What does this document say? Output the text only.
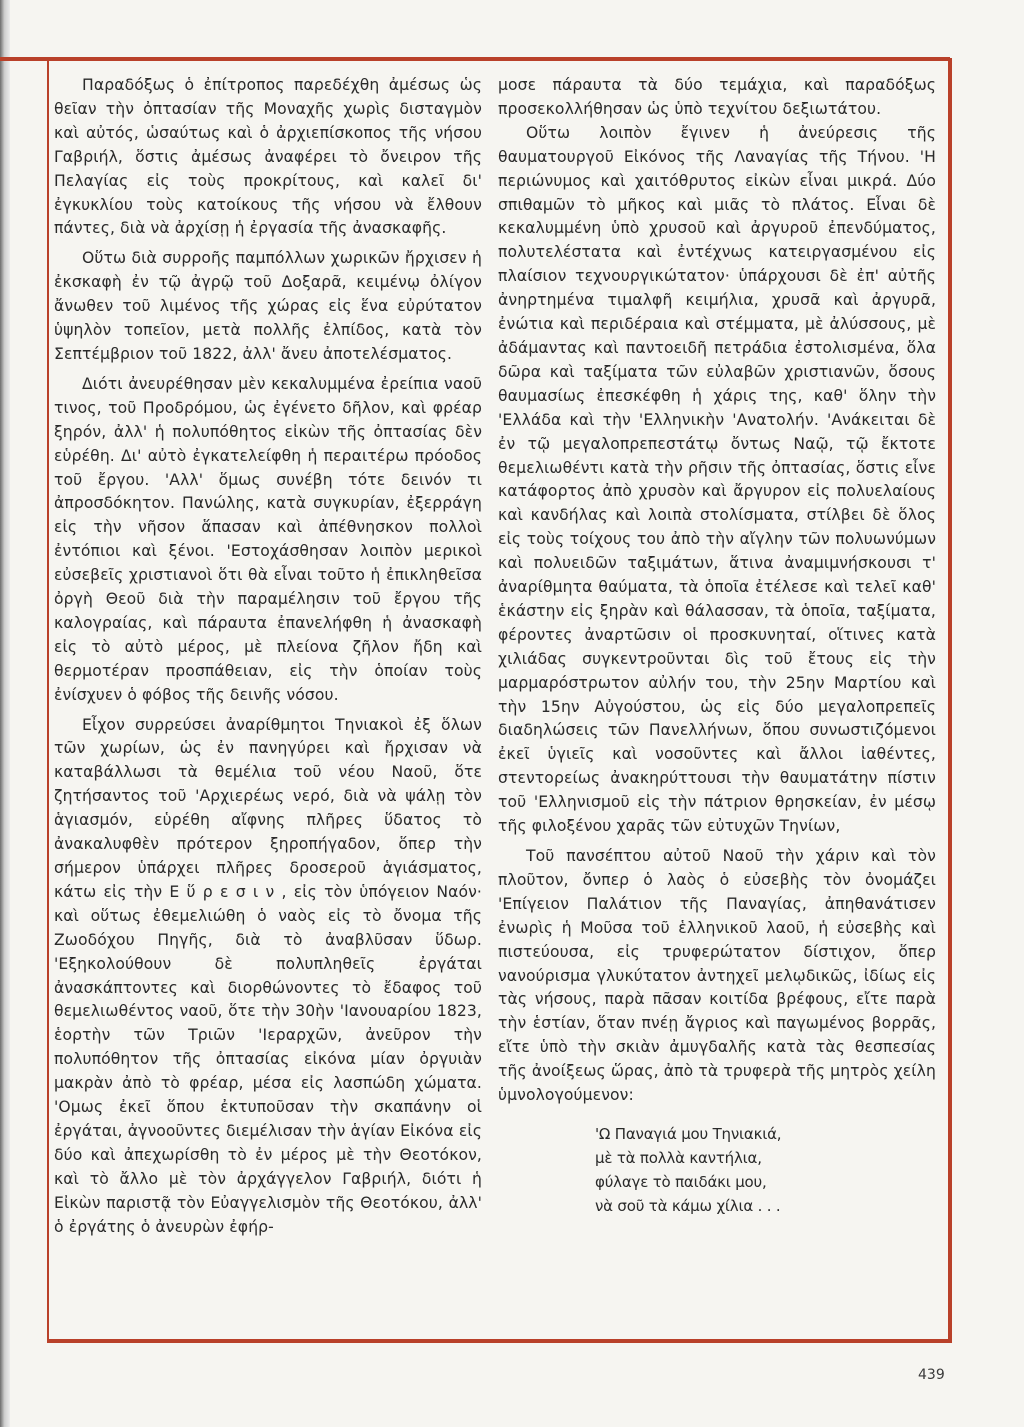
Παραδόξως ὁ ἐπίτροπος παρεδέχθη ἀμέσως ὡς θεῖαν τὴν ὀπτασίαν τῆς Μοναχῆς χωρὶς δισταγμὸν καὶ αὐτός, ὡσαύτως καὶ ὁ ἀρχιεπίσκοπος τῆς νήσου Γαβριήλ, ὅστις ἀμέσως ἀναφέρει τὸ ὄνειρον τῆς Πελαγίας εἰς τοὺς προκρίτους, καὶ καλεῖ δι' ἐγκυκλίου τοὺς κατοίκους τῆς νήσου νὰ ἔλθουν πάντες, διὰ νὰ ἀρχίσῃ ἡ ἐργασία τῆς ἀνασκαφῆς.

Οὕτω διὰ συρροῆς παμπόλλων χωρικῶν ἤρχισεν ἡ ἐκσκαφὴ ἐν τῷ ἀγρῷ τοῦ Δοξαρᾶ, κειμένῳ ὀλίγον ἄνωθεν τοῦ λιμένος τῆς χώρας εἰς ἕνα εὐρύτατον ὑψηλὸν τοπεῖον, μετὰ πολλῆς ἐλπίδος, κατὰ τὸν Σεπτέμβριον τοῦ 1822, ἀλλ' ἄνευ ἀποτελέσματος.

Διότι ἀνευρέθησαν μὲν κεκαλυμμένα ἐρείπια ναοῦ τινος, τοῦ Προδρόμου, ὡς ἐγένετο δῆλον, καὶ φρέαρ ξηρόν, ἀλλ' ἡ πολυπόθητος εἰκὼν τῆς ὀπτασίας δὲν εὑρέθη. Δι' αὐτὸ ἐγκατελείφθη ἡ περαιτέρω πρόοδος τοῦ ἔργου. 'Αλλ' ὅμως συνέβη τότε δεινόν τι ἀπροσδόκητον. Πανώλης, κατὰ συγκυρίαν, ἐξερράγη εἰς τὴν νῆσον ἅπασαν καὶ ἀπέθνησκον πολλοὶ ἐντόπιοι καὶ ξένοι. 'Εστοχάσθησαν λοιπὸν μερικοὶ εὐσεβεῖς χριστιανοὶ ὅτι θὰ εἶναι τοῦτο ἡ ἐπικληθεῖσα ὀργὴ Θεοῦ διὰ τὴν παραμέλησιν τοῦ ἔργου τῆς καλογραίας, καὶ πάραυτα ἐπανελήφθη ἡ ἀνασκαφὴ εἰς τὸ αὐτὸ μέρος, μὲ πλείονα ζῆλον ἤδη καὶ θερμοτέραν προσπάθειαν, εἰς τὴν ὁποίαν τοὺς ἐνίσχυεν ὁ φόβος τῆς δεινῆς νόσου.

Εἶχον συρρεύσει ἀναρίθμητοι Τηνιακοὶ ἐξ ὅλων τῶν χωρίων, ὡς ἐν πανηγύρει καὶ ἤρχισαν νὰ καταβάλλωσι τὰ θεμέλια τοῦ νέου Ναοῦ, ὅτε ζητήσαντος τοῦ 'Αρχιερέως νερό, διὰ νὰ ψάλῃ τὸν ἁγιασμόν, εὑρέθη αἴφνης πλῆρες ὕδατος τὸ ἀνακαλυφθὲν πρότερον ξηροπήγαδον, ὅπερ τὴν σήμερον ὑπάρχει πλῆρες δροσεροῦ ἁγιάσματος, κάτω εἰς τὴν Ε ὕ ρ ε σ ι ν , εἰς τὸν ὑπόγειον Ναόν· καὶ οὕτως ἐθεμελιώθη ὁ ναὸς εἰς τὸ ὄνομα τῆς Ζωοδόχου Πηγῆς, διὰ τὸ ἀναβλῦσαν ὕδωρ. 'Εξηκολούθουν δὲ πολυπληθεῖς ἐργάται ἀνασκάπτοντες καὶ διορθώνοντες τὸ ἔδαφος τοῦ θεμελιωθέντος ναοῦ, ὅτε τὴν 30ὴν 'Ιανουαρίου 1823, ἑορτὴν τῶν Τριῶν 'Ιεραρχῶν, ἀνεῦρον τὴν πολυπόθητον τῆς ὀπτασίας εἰκόνα μίαν ὀργυιὰν μακρὰν ἀπὸ τὸ φρέαρ, μέσα εἰς λασπώδη χώματα. 'Ομως ἐκεῖ ὅπου ἐκτυποῦσαν τὴν σκαπάνην οἱ ἐργάται, ἀγνοοῦντες διεμέλισαν τὴν ἁγίαν Εἰκόνα εἰς δύο καὶ ἀπεχωρίσθη τὸ ἐν μέρος μὲ τὴν Θεοτόκον, καὶ τὸ ἄλλο μὲ τὸν ἀρχάγγελον Γαβριήλ, διότι ἡ Εἰκὼν παριστᾷ τὸν Εὐαγγελισμὸν τῆς Θεοτόκου, ἀλλ' ὁ ἐργάτης ὁ ἀνευρὼν ἐφήρ-

μοσε πάραυτα τὰ δύο τεμάχια, καὶ παραδόξως προσεκολλήθησαν ὡς ὑπὸ τεχνίτου δεξιωτάτου.

Οὕτω λοιπὸν ἔγινεν ἡ ἀνεύρεσις τῆς θαυματουργοῦ Εἰκόνος τῆς Λαναγίας τῆς Τήνου. 'Η περιώνυμος καὶ χαιτόθρυτος εἰκὼν εἶναι μικρά. Δύο σπιθαμῶν τὸ μῆκος καὶ μιᾶς τὸ πλάτος. Εἶναι δὲ κεκαλυμμένη ὑπὸ χρυσοῦ καὶ ἀργυροῦ ἐπενδύματος, πολυτελέστατα καὶ ἐντέχνως κατειργασμένου εἰς πλαίσιον τεχνουργικώτατον· ὑπάρχουσι δὲ ἐπ' αὐτῆς ἀνηρτημένα τιμαλφῆ κειμήλια, χρυσᾶ καὶ ἀργυρᾶ, ἐνώτια καὶ περιδέραια καὶ στέμματα, μὲ ἀλύσσους, μὲ ἀδάμαντας καὶ παντοειδῆ πετράδια ἐστολισμένα, ὅλα δῶρα καὶ ταξίματα τῶν εὐλαβῶν χριστιανῶν, ὅσους θαυμασίως ἐπεσκέφθη ἡ χάρις της, καθ' ὅλην τὴν 'Ελλάδα καὶ τὴν 'Ελληνικὴν 'Ανατολήν. 'Ανάκειται δὲ ἐν τῷ μεγαλοπρεπεστάτῳ ὄντως Ναῷ, τῷ ἔκτοτε θεμελιωθέντι κατὰ τὴν ρῆσιν τῆς ὀπτασίας, ὅστις εἶνε κατάφορτος ἀπὸ χρυσὸν καὶ ἄργυρον εἰς πολυελαίους καὶ κανδήλας καὶ λοιπὰ στολίσματα, στίλβει δὲ ὅλος εἰς τοὺς τοίχους του ἀπὸ τὴν αἴγλην τῶν πολυωνύμων καὶ πολυειδῶν ταξιμάτων, ἅτινα ἀναμιμνήσκουσι τ' ἀναρίθμητα θαύματα, τὰ ὁποῖα ἐτέλεσε καὶ τελεῖ καθ' ἑκάστην εἰς ξηρὰν καὶ θάλασσαν, τὰ ὁποῖα, ταξίματα, φέροντες ἀναρτῶσιν οἱ προσκυνηταί, οἵτινες κατὰ χιλιάδας συγκεντροῦνται δὶς τοῦ ἔτους εἰς τὴν μαρμαρόστρωτον αὐλήν του, τὴν 25ην Μαρτίου καὶ τὴν 15ην Αὐγούστου, ὡς εἰς δύο μεγαλοπρεπεῖς διαδηλώσεις τῶν Πανελλήνων, ὅπου συνωστιζόμενοι ἐκεῖ ὑγιεῖς καὶ νοσοῦντες καὶ ἄλλοι ἰαθέντες, στεντορείως ἀνακηρύττουσι τὴν θαυματάτην πίστιν τοῦ 'Ελληνισμοῦ εἰς τὴν πάτριον θρησκείαν, ἐν μέσῳ τῆς φιλοξένου χαρᾶς τῶν εὐτυχῶν Τηνίων,

Τοῦ πανσέπτου αὐτοῦ Ναοῦ τὴν χάριν καὶ τὸν πλοῦτον, ὄνπερ ὁ λαὸς ὁ εὐσεβὴς τὸν ὀνομάζει 'Επίγειον Παλάτιον τῆς Παναγίας, ἀπηθανάτισεν ἐνωρὶς ἡ Μοῦσα τοῦ ἑλληνικοῦ λαοῦ, ἡ εὐσεβὴς καὶ πιστεύουσα, εἰς τρυφερώτατον δίστιχον, ὅπερ νανούρισμα γλυκύτατον ἀντηχεῖ μελῳδικῶς, ἰδίως εἰς τὰς νήσους, παρὰ πᾶσαν κοιτίδα βρέφους, εἴτε παρὰ τὴν ἑστίαν, ὅταν πνέῃ ἄγριος καὶ παγωμένος βορρᾶς, εἴτε ὑπὸ τὴν σκιὰν ἀμυγδαλῆς κατὰ τὰς θεσπεσίας τῆς ἀνοίξεως ὥρας, ἀπὸ τὰ τρυφερὰ τῆς μητρὸς χείλη ὑμνολογούμενον:

'Ω Παναγιά μου Τηνιακιά,
μὲ τὰ πολλὰ καντήλια,
φύλαγε τὸ παιδάκι μου,
νὰ σοῦ τὰ κάμω χίλια . . .
439
